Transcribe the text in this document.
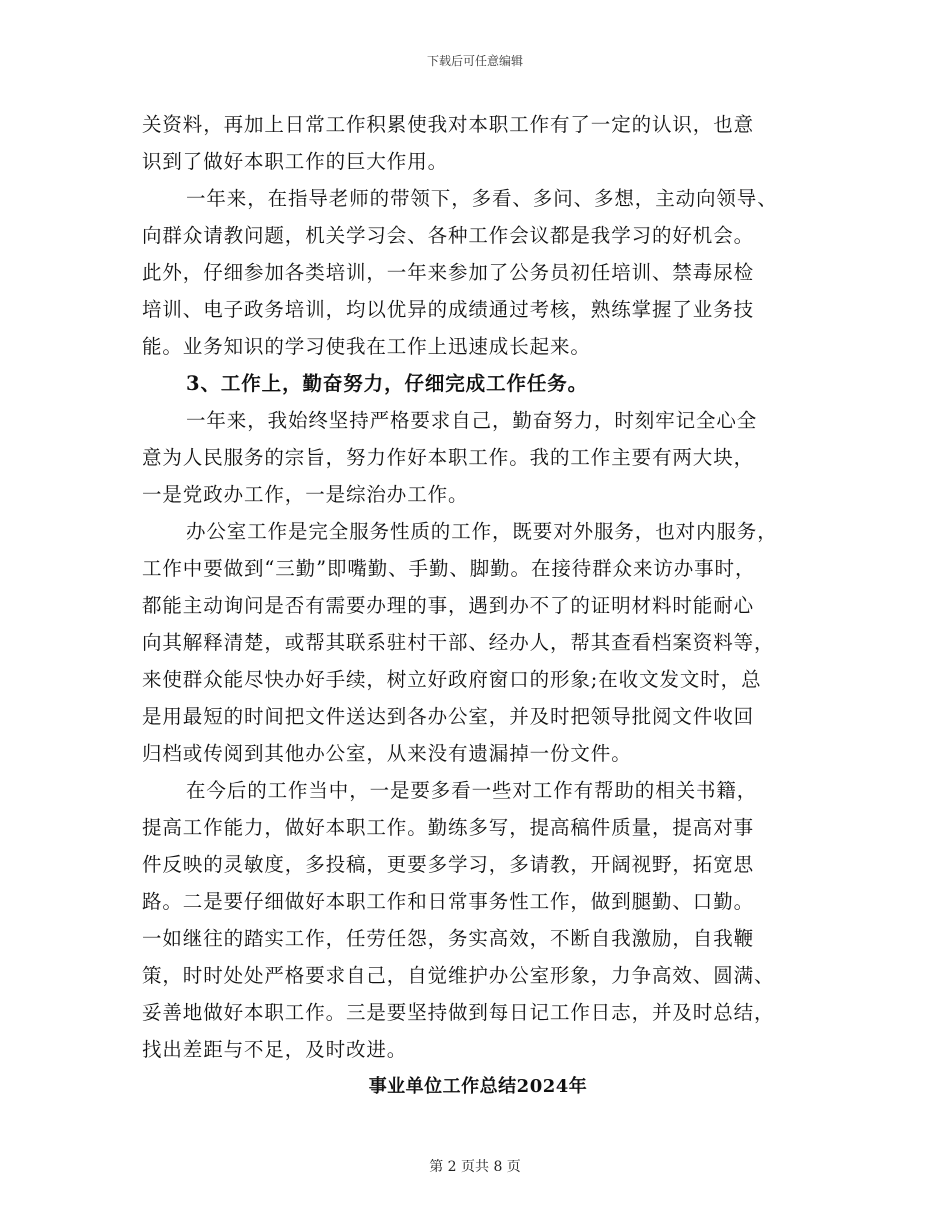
下载后可任意编辑
关资料，再加上日常工作积累使我对本职工作有了一定的认识，也意
识到了做好本职工作的巨大作用。
一年来，在指导老师的带领下，多看、多问、多想，主动向领导、
向群众请教问题，机关学习会、各种工作会议都是我学习的好机会。
此外，仔细参加各类培训，一年来参加了公务员初任培训、禁毒尿检
培训、电子政务培训，均以优异的成绩通过考核，熟练掌握了业务技
能。业务知识的学习使我在工作上迅速成长起来。
3、工作上，勤奋努力，仔细完成工作任务。
一年来，我始终坚持严格要求自己，勤奋努力，时刻牢记全心全
意为人民服务的宗旨，努力作好本职工作。我的工作主要有两大块，
一是党政办工作，一是综治办工作。
办公室工作是完全服务性质的工作，既要对外服务，也对内服务，
工作中要做到“三勤”即嘴勤、手勤、脚勤。在接待群众来访办事时，
都能主动询问是否有需要办理的事，遇到办不了的证明材料时能耐心
向其解释清楚，或帮其联系驻村干部、经办人，帮其查看档案资料等，
来使群众能尽快办好手续，树立好政府窗口的形象;在收文发文时，总
是用最短的时间把文件送达到各办公室，并及时把领导批阅文件收回
归档或传阅到其他办公室，从来没有遗漏掉一份文件。
在今后的工作当中，一是要多看一些对工作有帮助的相关书籍，
提高工作能力，做好本职工作。勤练多写，提高稿件质量，提高对事
件反映的灵敏度，多投稿，更要多学习，多请教，开阔视野，拓宽思
路。二是要仔细做好本职工作和日常事务性工作，做到腿勤、口勤。
一如继往的踏实工作，任劳任怨，务实高效，不断自我激励，自我鞭
策，时时处处严格要求自己，自觉维护办公室形象，力争高效、圆满、
妥善地做好本职工作。三是要坚持做到每日记工作日志，并及时总结，
找出差距与不足，及时改进。
事业单位工作总结2024年
第 2 页共 8 页
